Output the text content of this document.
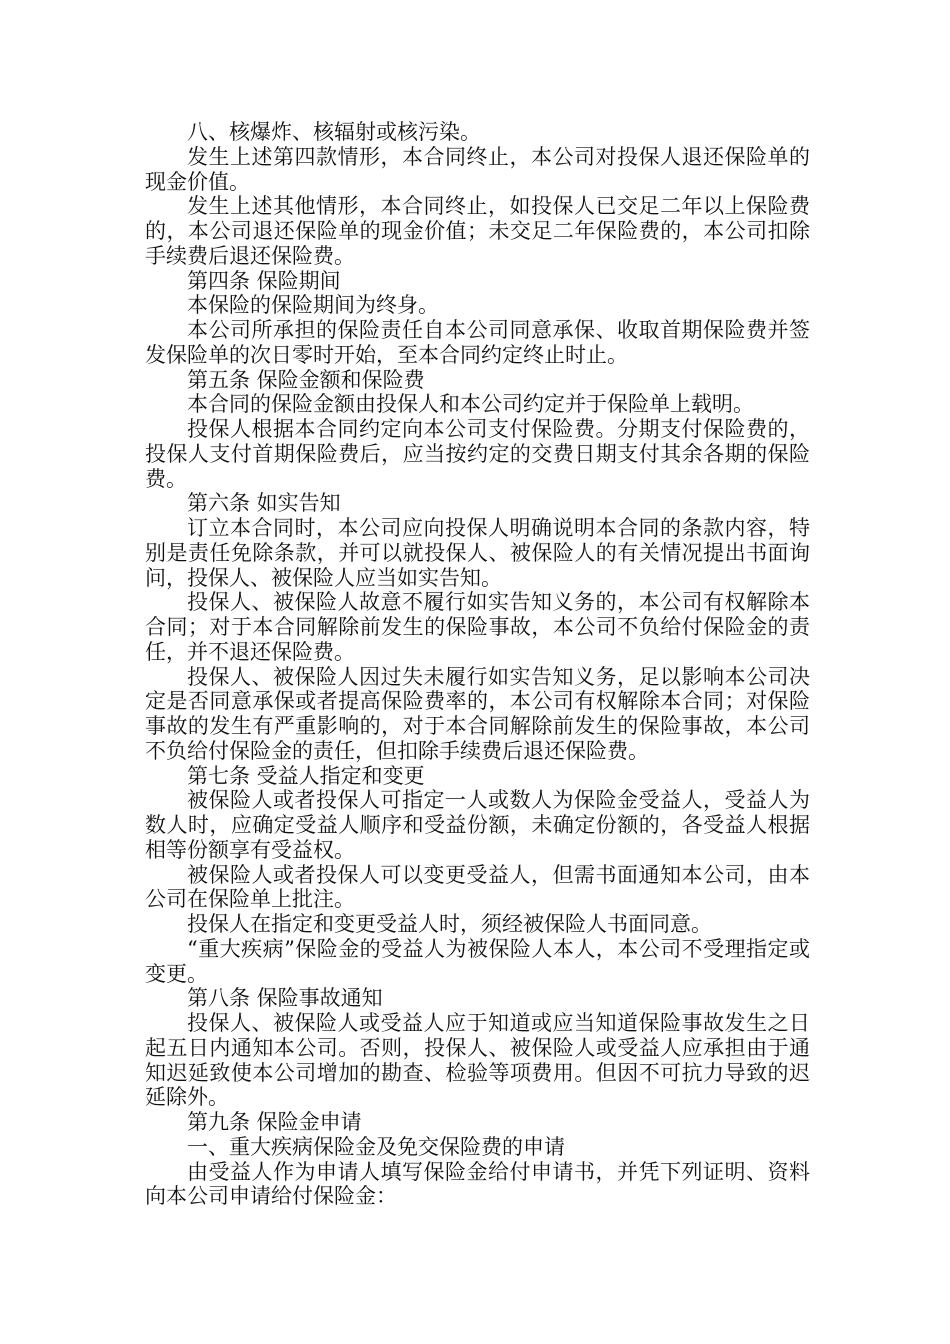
八、核爆炸、核辐射或核污染。

发生上述第四款情形，本合同终止，本公司对投保人退还保险单的现金价值。

发生上述其他情形，本合同终止，如投保人已交足二年以上保险费的，本公司退还保险单的现金价值；未交足二年保险费的，本公司扣除手续费后退还保险费。

第四条 保险期间

本保险的保险期间为终身。

本公司所承担的保险责任自本公司同意承保、收取首期保险费并签发保险单的次日零时开始，至本合同约定终止时止。

第五条 保险金额和保险费

本合同的保险金额由投保人和本公司约定并于保险单上载明。

投保人根据本合同约定向本公司支付保险费。分期支付保险费的，投保人支付首期保险费后，应当按约定的交费日期支付其余各期的保险费。

第六条 如实告知

订立本合同时，本公司应向投保人明确说明本合同的条款内容，特别是责任免除条款，并可以就投保人、被保险人的有关情况提出书面询问，投保人、被保险人应当如实告知。

投保人、被保险人故意不履行如实告知义务的，本公司有权解除本合同；对于本合同解除前发生的保险事故，本公司不负给付保险金的责任，并不退还保险费。

投保人、被保险人因过失未履行如实告知义务，足以影响本公司决定是否同意承保或者提高保险费率的，本公司有权解除本合同；对保险事故的发生有严重影响的，对于本合同解除前发生的保险事故，本公司不负给付保险金的责任，但扣除手续费后退还保险费。

第七条 受益人指定和变更

被保险人或者投保人可指定一人或数人为保险金受益人，受益人为数人时，应确定受益人顺序和受益份额，未确定份额的，各受益人根据相等份额享有受益权。

被保险人或者投保人可以变更受益人，但需书面通知本公司，由本公司在保险单上批注。

投保人在指定和变更受益人时，须经被保险人书面同意。

“重大疾病”保险金的受益人为被保险人本人，本公司不受理指定或变更。

第八条 保险事故通知

投保人、被保险人或受益人应于知道或应当知道保险事故发生之日起五日内通知本公司。否则，投保人、被保险人或受益人应承担由于通知迟延致使本公司增加的勘查、检验等项费用。但因不可抗力导致的迟延除外。

第九条 保险金申请

一、重大疾病保险金及免交保险费的申请

由受益人作为申请人填写保险金给付申请书，并凭下列证明、资料向本公司申请给付保险金：
